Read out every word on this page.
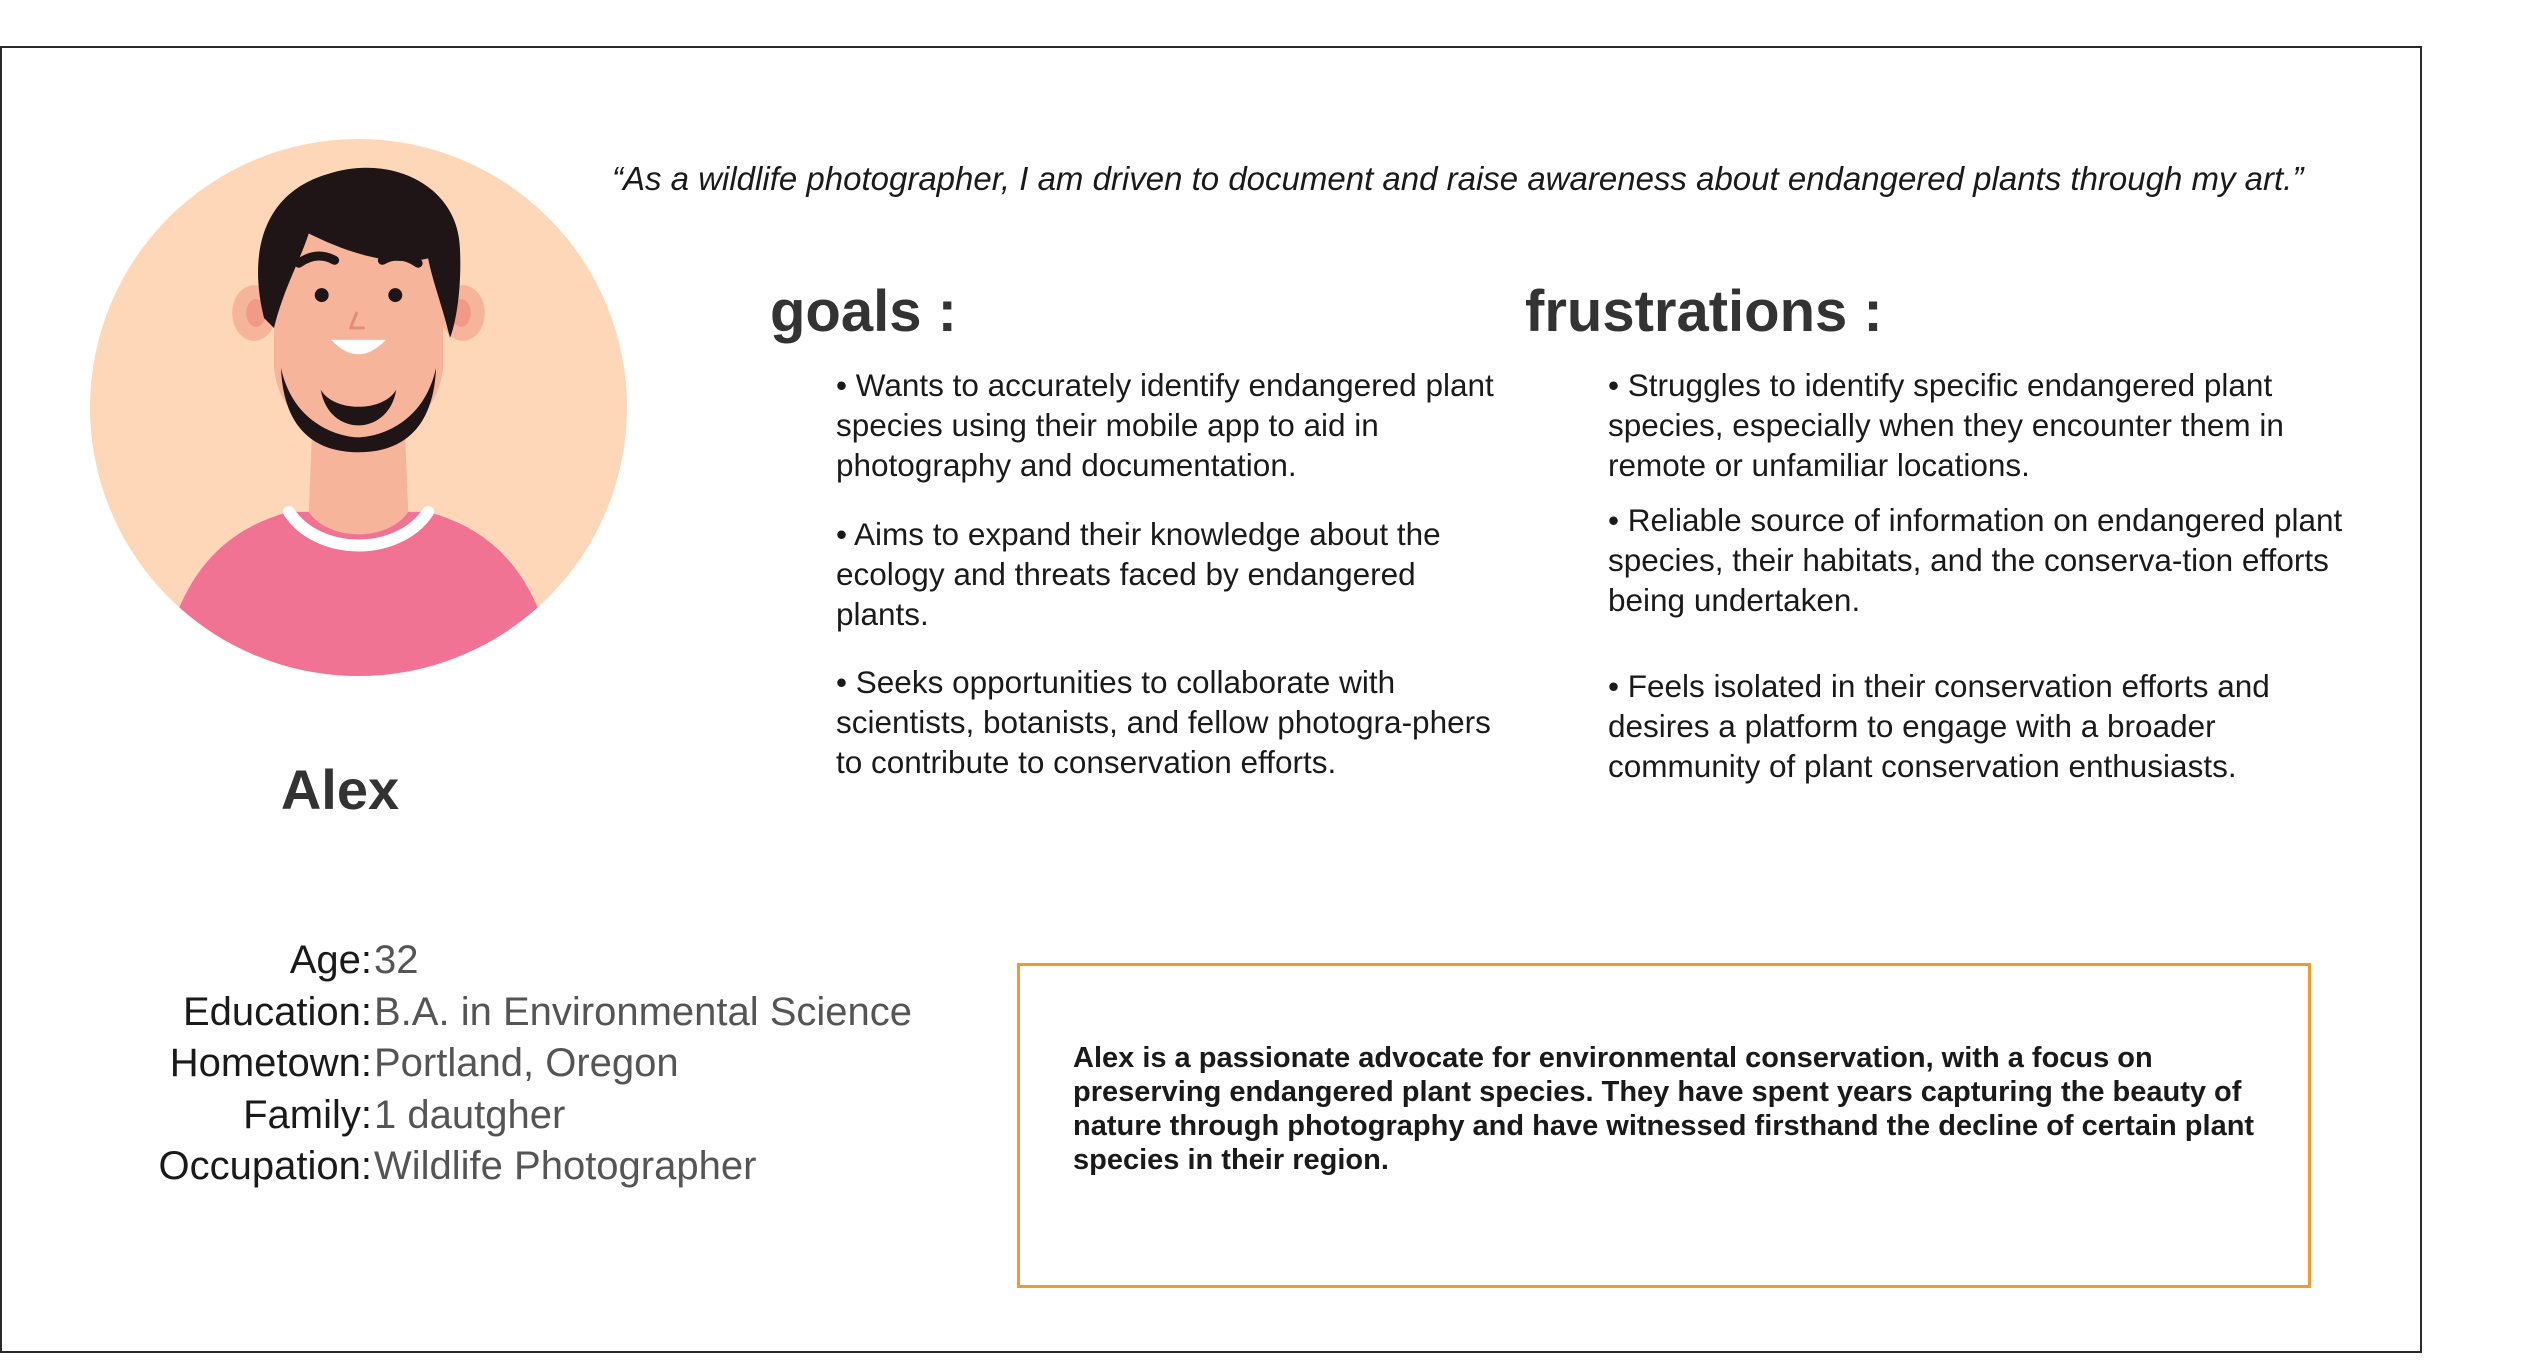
Alex

“As a wildlife photographer, I am driven to document and raise awareness about endangered plants through my art.”

goals :	frustrations :

• Wants to accurately identify endangered plant species using their mobile app to aid in photography and documentation.

• Aims to expand their knowledge about the ecology and threats faced by endangered plants.

• Seeks opportunities to collaborate with scientists, botanists, and fellow photogra-phers to contribute to conservation efforts.

• Struggles to identify specific endangered plant species, especially when they encounter them in remote or unfamiliar locations.

• Reliable source of information on endangered plant species, their habitats, and the conserva-tion efforts being undertaken.

• Feels isolated in their conservation efforts and desires a platform to engage with a broader community of plant conservation enthusiasts.

Age: 32
Education: B.A. in Environmental Science
Hometown: Portland, Oregon
Family: 1 dautgher
Occupation: Wildlife Photographer

Alex is a passionate advocate for environmental conservation, with a focus on preserving endangered plant species. They have spent years capturing the beauty of nature through photography and have witnessed firsthand the decline of certain plant species in their region.
